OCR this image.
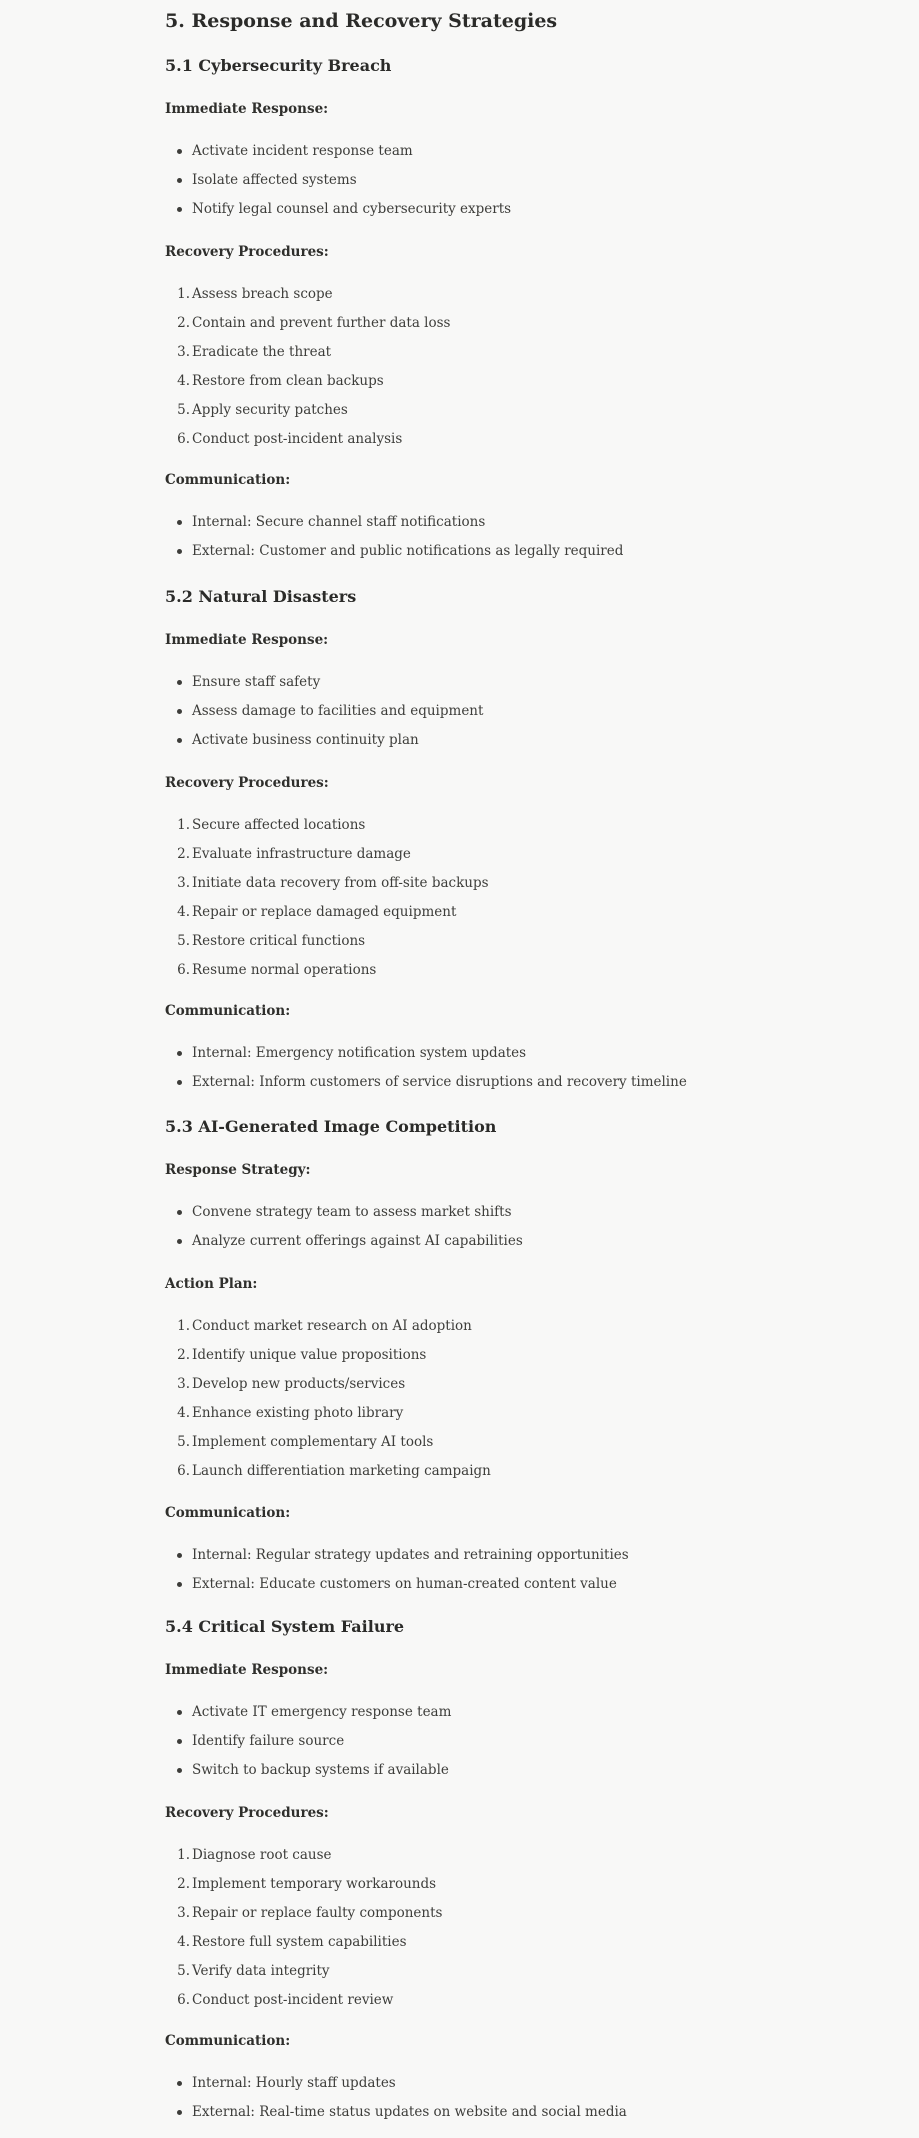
5. Response and Recovery Strategies
5.1 Cybersecurity Breach
Immediate Response:
Activate incident response team
Isolate affected systems
Notify legal counsel and cybersecurity experts
Recovery Procedures:
1. Assess breach scope
2. Contain and prevent further data loss
3. Eradicate the threat
4. Restore from clean backups
5. Apply security patches
6. Conduct post-incident analysis
Communication:
Internal: Secure channel staff notifications
External: Customer and public notifications as legally required
5.2 Natural Disasters
Immediate Response:
Ensure staff safety
Assess damage to facilities and equipment
Activate business continuity plan
Recovery Procedures:
1. Secure affected locations
2. Evaluate infrastructure damage
3. Initiate data recovery from off-site backups
4. Repair or replace damaged equipment
5. Restore critical functions
6. Resume normal operations
Communication:
Internal: Emergency notification system updates
External: Inform customers of service disruptions and recovery timeline
5.3 AI-Generated Image Competition
Response Strategy:
Convene strategy team to assess market shifts
Analyze current offerings against AI capabilities
Action Plan:
1. Conduct market research on AI adoption
2. Identify unique value propositions
3. Develop new products/services
4. Enhance existing photo library
5. Implement complementary AI tools
6. Launch differentiation marketing campaign
Communication:
Internal: Regular strategy updates and retraining opportunities
External: Educate customers on human-created content value
5.4 Critical System Failure
Immediate Response:
Activate IT emergency response team
Identify failure source
Switch to backup systems if available
Recovery Procedures:
1. Diagnose root cause
2. Implement temporary workarounds
3. Repair or replace faulty components
4. Restore full system capabilities
5. Verify data integrity
6. Conduct post-incident review
Communication:
Internal: Hourly staff updates
External: Real-time status updates on website and social media
